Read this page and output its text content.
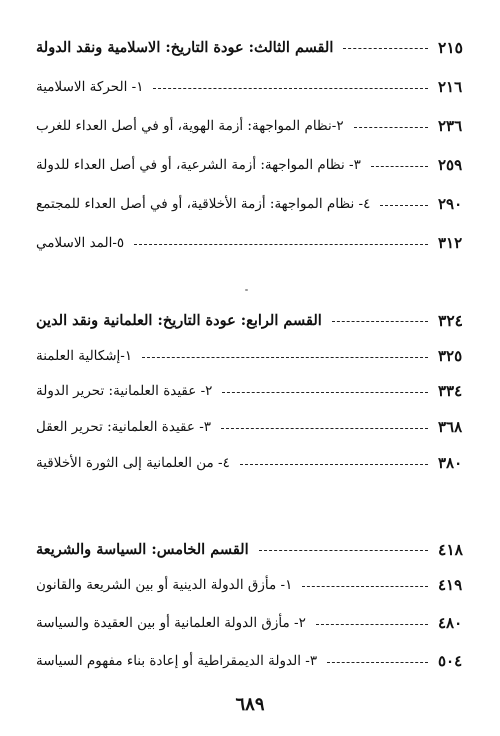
القسم الثالث: عودة التاريخ: الاسلامية ونقد الدولة	٢١٥
١- الحركة الاسلامية	٢١٦
٢-نظام المواجهة: أزمة الهوية، أو في أصل العداء للغرب	٢٣٦
٣- نظام المواجهة: أزمة الشرعية، أو في أصل العداء للدولة	٢٥٩
٤- نظام المواجهة: أزمة الأخلاقية، أو في أصل العداء للمجتمع	٢٩٠
٥-المد الاسلامي	٣١٢
القسم الرابع: عودة التاريخ: العلمانية ونقد الدين	٣٢٤
١-إشكالية العلمنة	٣٢٥
٢- عقيدة العلمانية: تحرير الدولة	٣٣٤
٣- عقيدة العلمانية: تحرير العقل	٣٦٨
٤- من العلمانية إلى الثورة الأخلاقية	٣٨٠
القسم الخامس: السياسة والشريعة	٤١٨
١- مأزق الدولة الدينية أو بين الشريعة والقانون	٤١٩
٢- مأزق الدولة العلمانية أو بين العقيدة والسياسة	٤٨٠
٣- الدولة الديمقراطية أو إعادة بناء مفهوم السياسة	٥٠٤
٦٨٩
